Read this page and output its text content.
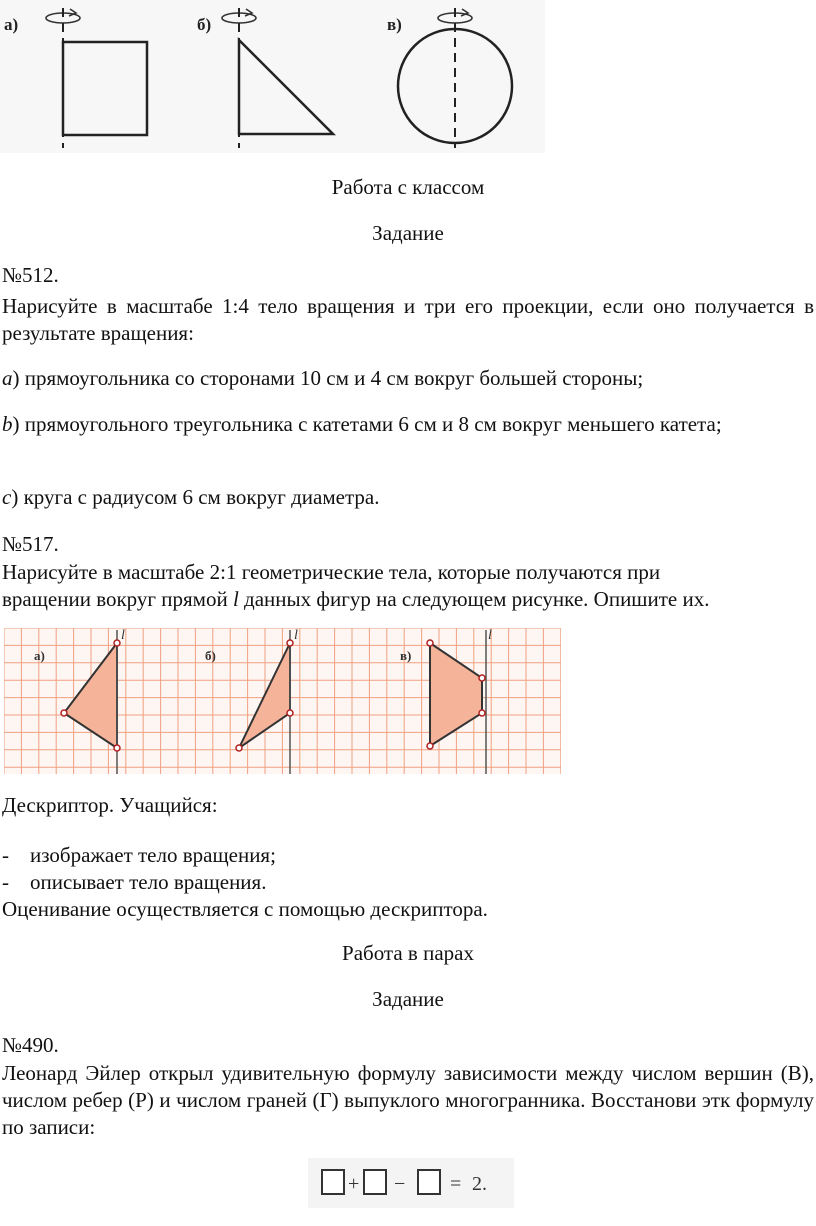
а)	б)	в)
Работа с классом
Задание
№512.
Нарисуйте в масштабе 1:4 тело вращения и три его проекции, если оно получается в результате вращения:
a) прямоугольника со сторонами 10 см и 4 см вокруг большей стороны;
b) прямоугольного треугольника с катетами 6 см и 8 см вокруг меньшего катета;
c) круга с радиусом 6 см вокруг диаметра.
№517.
Нарисуйте в масштабе 2:1 геометрические тела, которые получаются при
вращении вокруг прямой l данных фигур на следующем рисунке. Опишите их.
а)	б)	в)
l	l	l
Дескриптор. Учащийся:
- изображает тело вращения;
- описывает тело вращения.
Оценивание осуществляется с помощью дескриптора.
Работа в парах
Задание
№490.
Леонард Эйлер открыл удивительную формулу зависимости между числом вершин (В), числом ребер (Р) и числом граней (Г) выпуклого многогранника. Восстанови этк формулу по записи:
+ − = 2.
